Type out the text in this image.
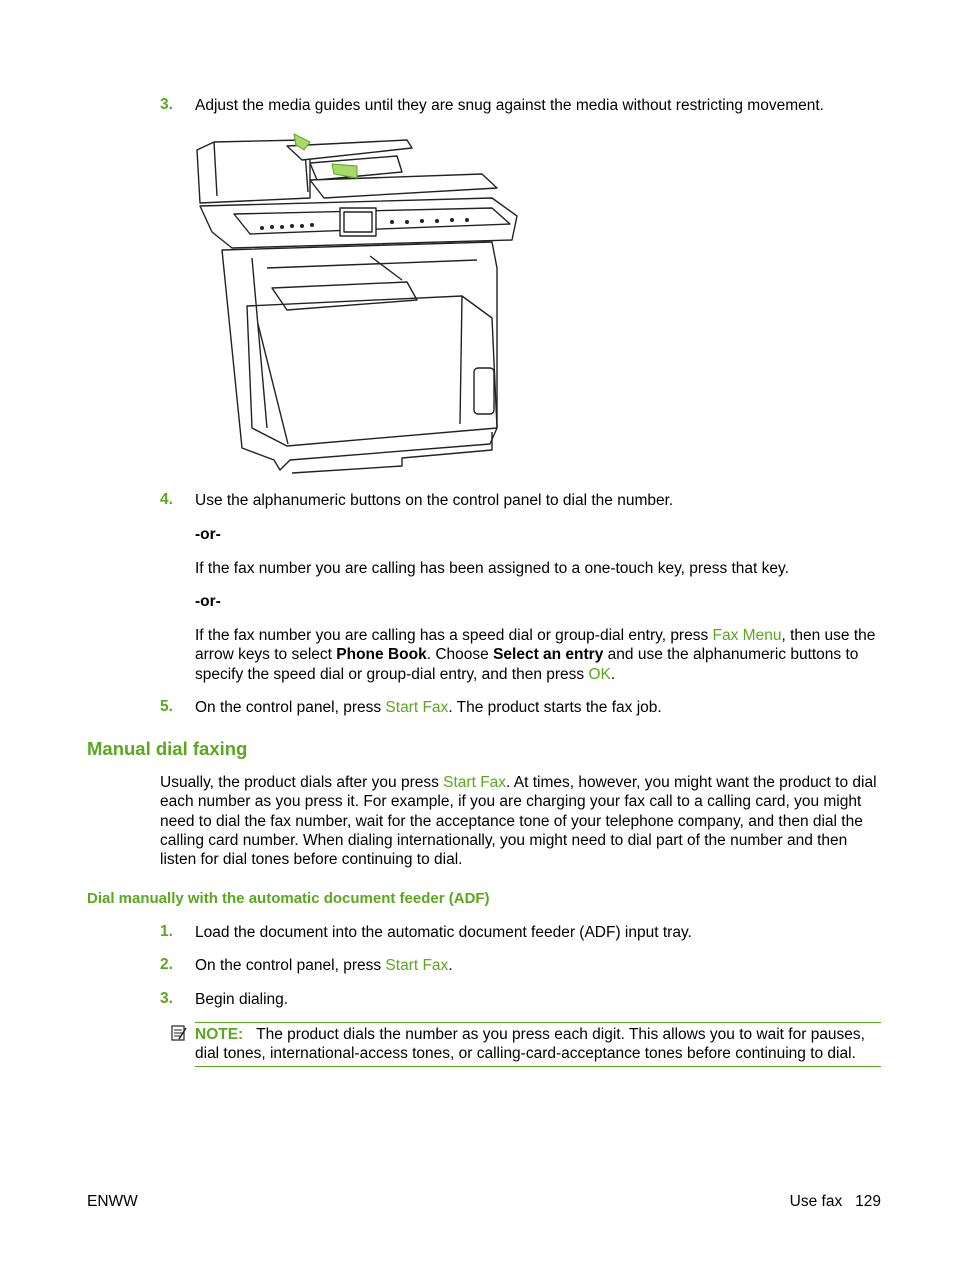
3. Adjust the media guides until they are snug against the media without restricting movement.
4. Use the alphanumeric buttons on the control panel to dial the number.
-or-
If the fax number you are calling has been assigned to a one-touch key, press that key.
-or-
If the fax number you are calling has a speed dial or group-dial entry, press Fax Menu, then use the arrow keys to select Phone Book. Choose Select an entry and use the alphanumeric buttons to specify the speed dial or group-dial entry, and then press OK.
5. On the control panel, press Start Fax. The product starts the fax job.
Manual dial faxing
Usually, the product dials after you press Start Fax. At times, however, you might want the product to dial each number as you press it. For example, if you are charging your fax call to a calling card, you might need to dial the fax number, wait for the acceptance tone of your telephone company, and then dial the calling card number. When dialing internationally, you might need to dial part of the number and then listen for dial tones before continuing to dial.
Dial manually with the automatic document feeder (ADF)
1. Load the document into the automatic document feeder (ADF) input tray.
2. On the control panel, press Start Fax.
3. Begin dialing.
NOTE: The product dials the number as you press each digit. This allows you to wait for pauses, dial tones, international-access tones, or calling-card-acceptance tones before continuing to dial.
ENWW	Use fax   129
